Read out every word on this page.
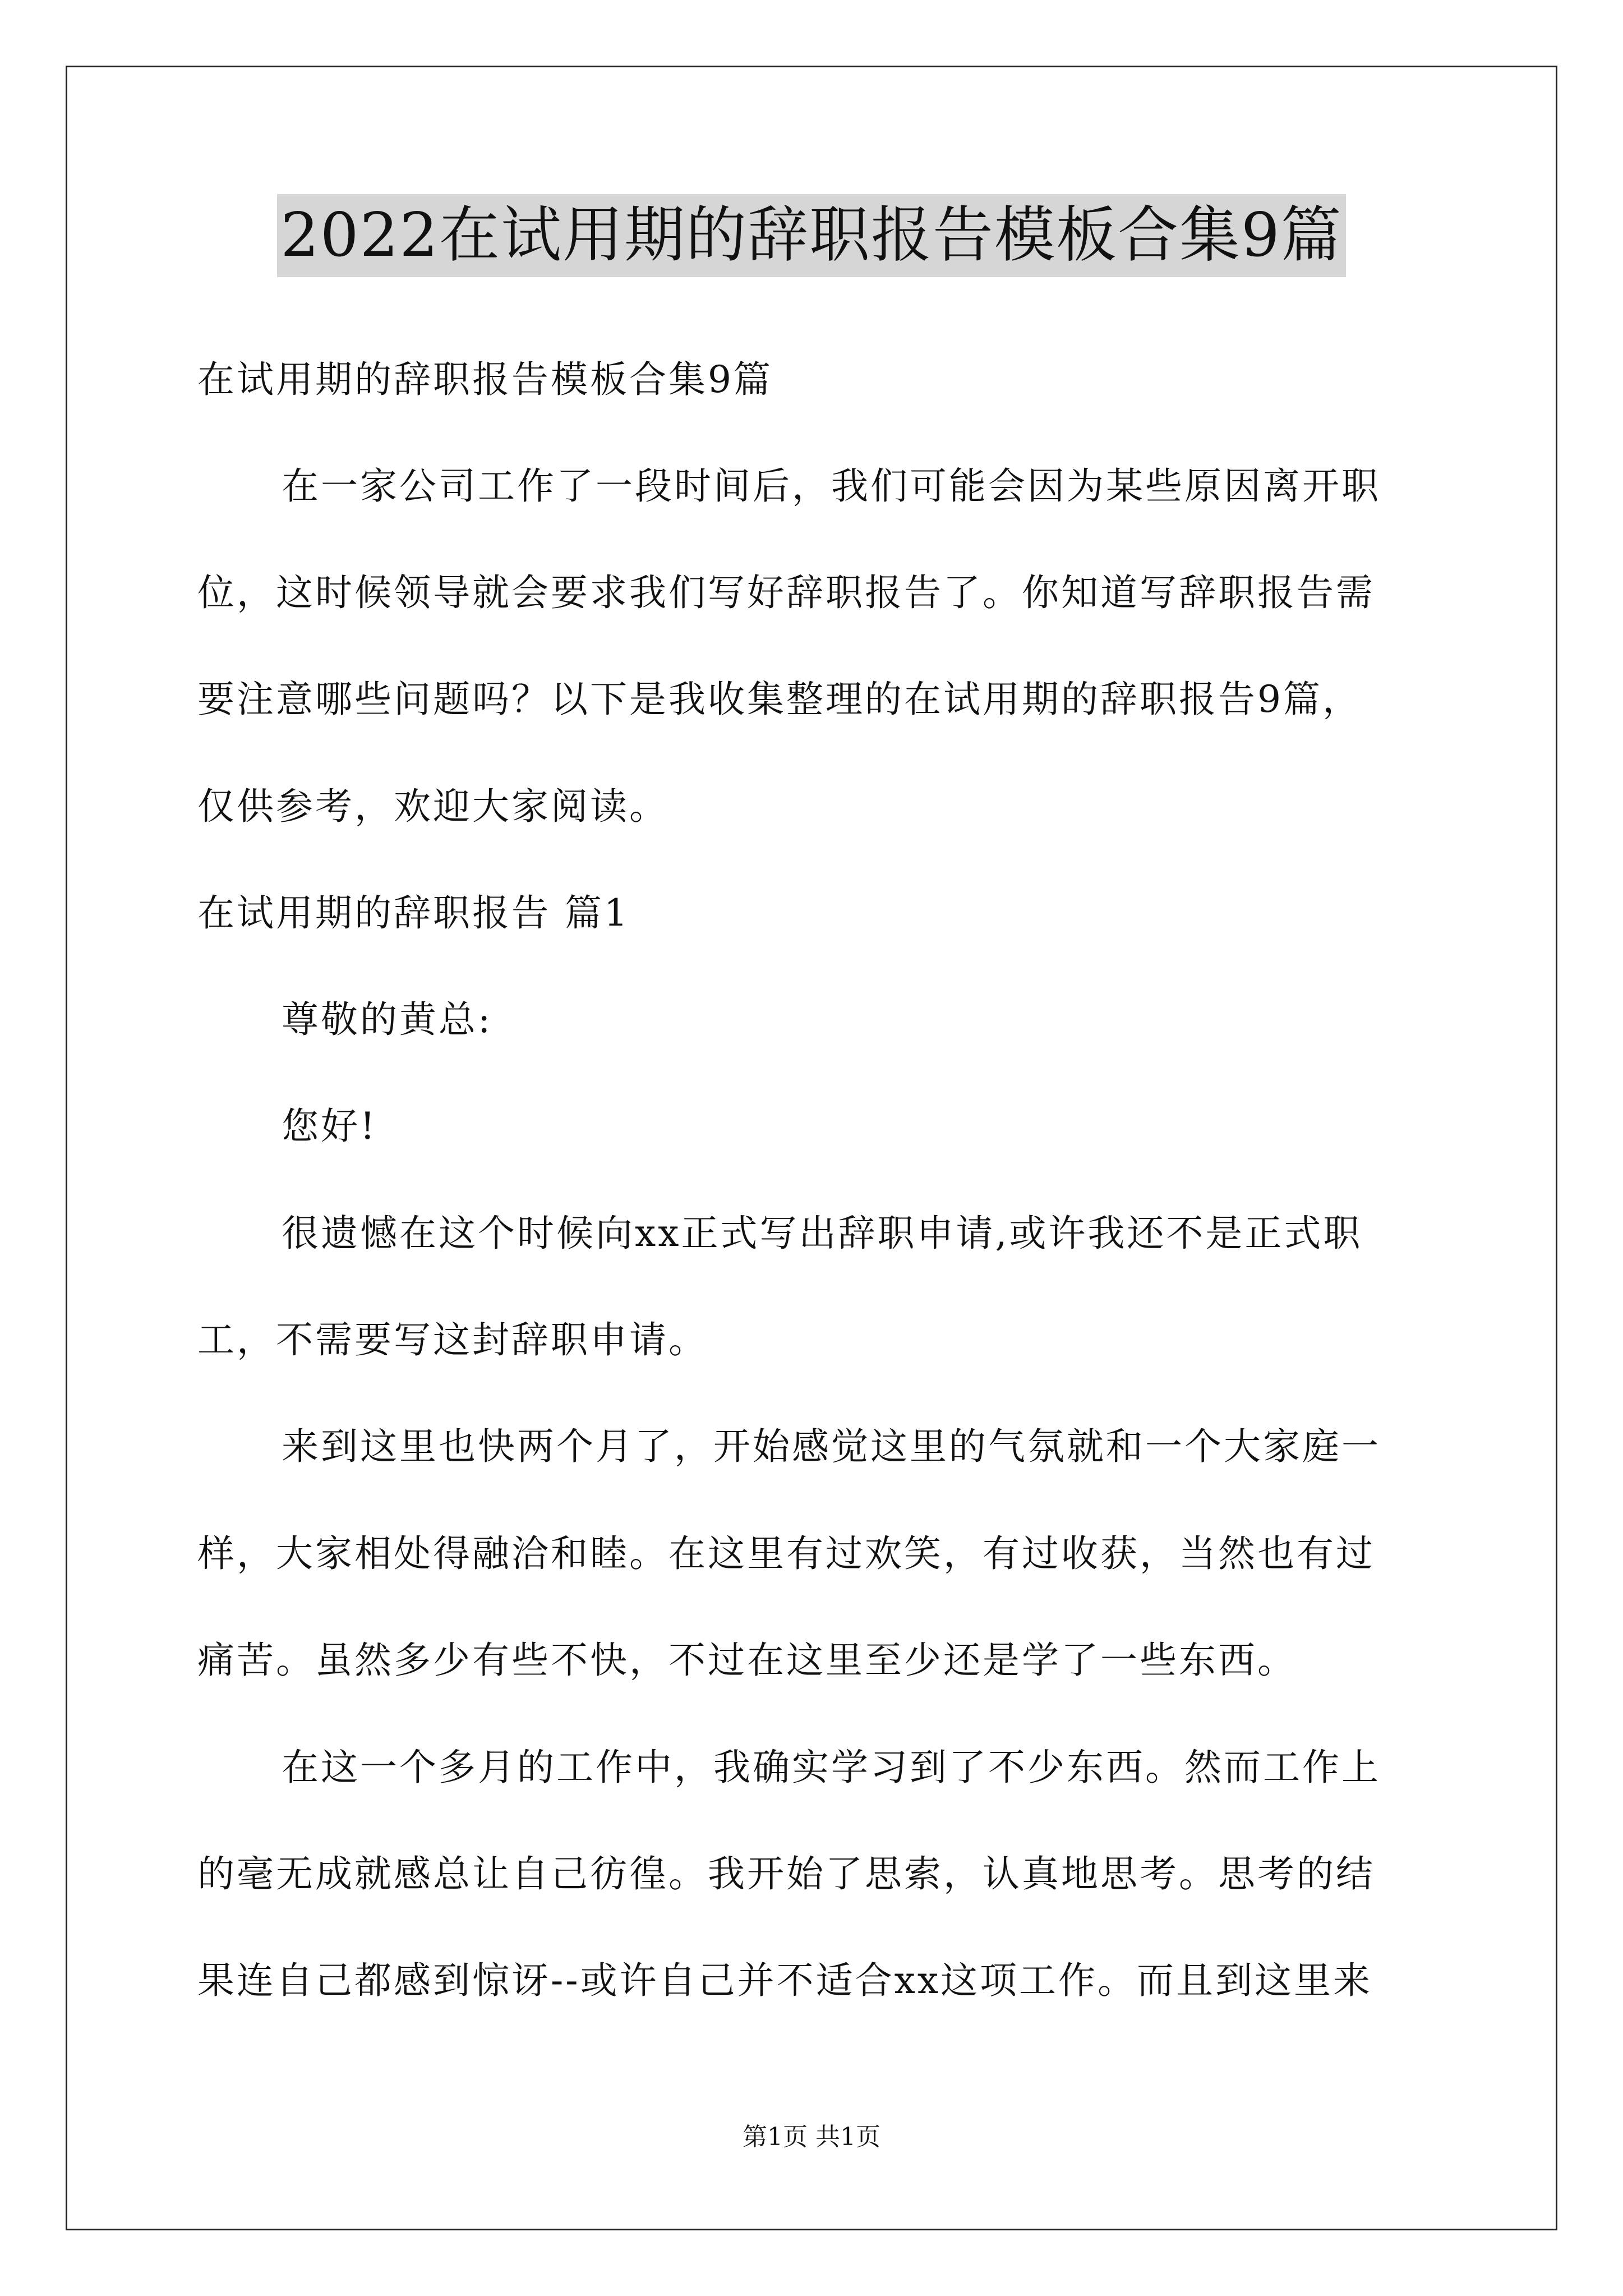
2022在试用期的辞职报告模板合集9篇
在试用期的辞职报告模板合集9篇
在一家公司工作了一段时间后，我们可能会因为某些原因离开职
位，这时候领导就会要求我们写好辞职报告了。你知道写辞职报告需
要注意哪些问题吗？以下是我收集整理的在试用期的辞职报告9篇，
仅供参考，欢迎大家阅读。
在试用期的辞职报告 篇1
尊敬的黄总:
您好!
很遗憾在这个时候向xx正式写出辞职申请,或许我还不是正式职
工，不需要写这封辞职申请。
来到这里也快两个月了，开始感觉这里的气氛就和一个大家庭一
样，大家相处得融洽和睦。在这里有过欢笑，有过收获，当然也有过
痛苦。虽然多少有些不快，不过在这里至少还是学了一些东西。
在这一个多月的工作中，我确实学习到了不少东西。然而工作上
的毫无成就感总让自己彷徨。我开始了思索，认真地思考。思考的结
果连自己都感到惊讶--或许自己并不适合xx这项工作。而且到这里来
第1页 共1页
